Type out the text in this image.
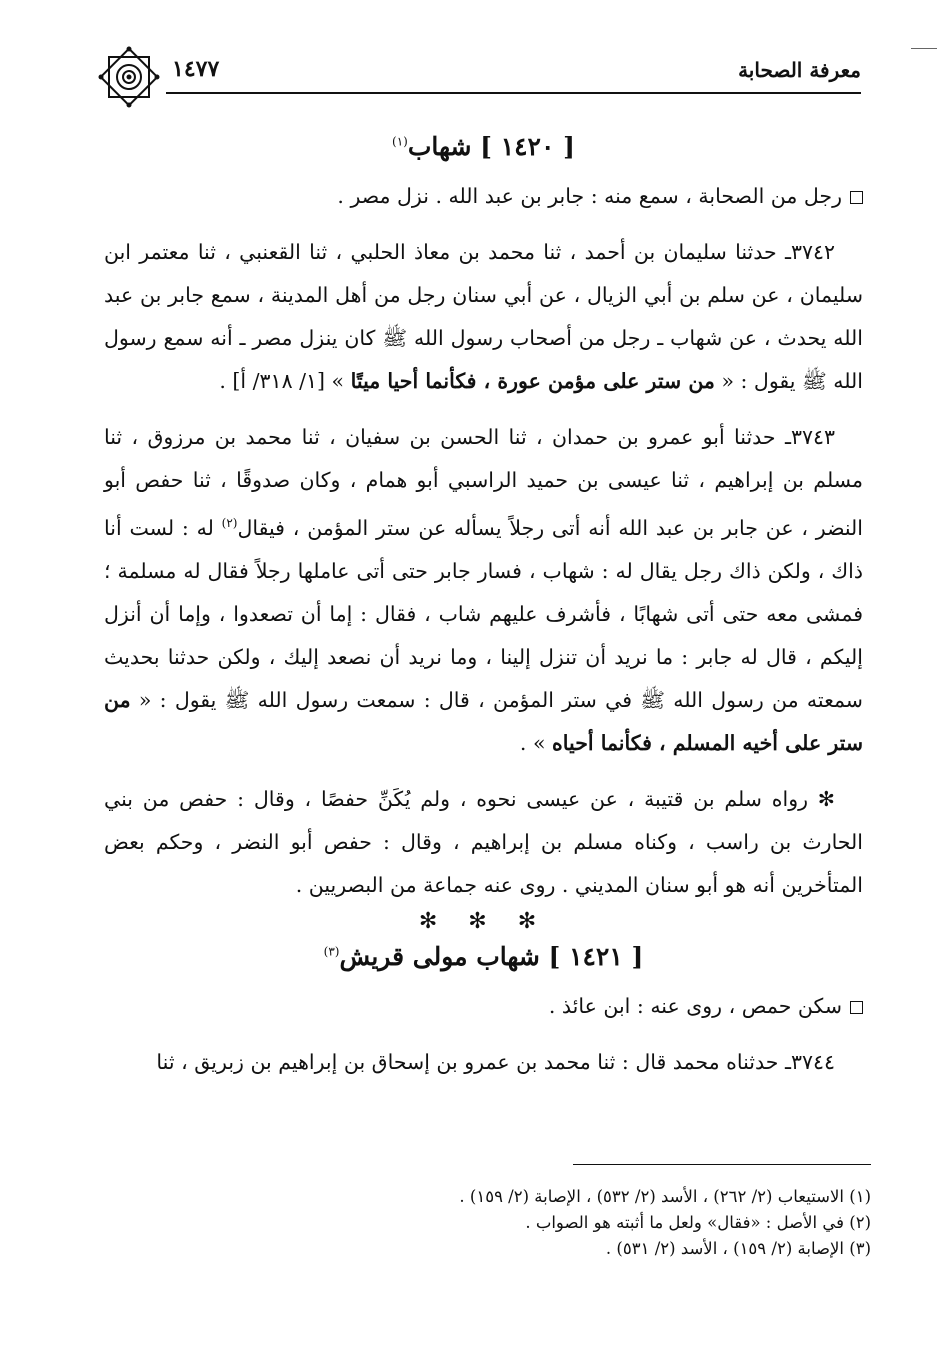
معرفة الصحابة
١٤٧٧
[ ١٤٢٠ ] شهاب$^{(١)}$

رجل من الصحابة ، سمع منه : جابر بن عبد الله . نزل مصر .

٣٧٤٢ـ حدثنا سليمان بن أحمد ، ثنا محمد بن معاذ الحلبي ، ثنا القعنبي ، ثنا معتمر ابن سليمان ، عن سلم بن أبي الزيال ، عن أبي سنان رجل من أهل المدينة ، سمع جابر بن عبد الله يحدث ، عن شهاب ـ رجل من أصحاب رسول الله ﷺ كان ينزل مصر ـ أنه سمع رسول الله ﷺ يقول : « من ستر على مؤمن عورة ، فكأنما أحيا ميتًا » [١/ ٣١٨/ أ] .

٣٧٤٣ـ حدثنا أبو عمرو بن حمدان ، ثنا الحسن بن سفيان ، ثنا محمد بن مرزوق ، ثنا مسلم بن إبراهيم ، ثنا عيسى بن حميد الراسبي أبو همام ، وكان صدوقًا ، ثنا حفص أبو النضر ، عن جابر بن عبد الله أنه أتى رجلاً يسأله عن ستر المؤمن ، فيقال$^{(٢)}$ له : لست أنا ذاك ، ولكن ذاك رجل يقال له : شهاب ، فسار جابر حتى أتى عاملها رجلاً فقال له مسلمة ؛ فمشى معه حتى أتى شهابًا ، فأشرف عليهم شاب ، فقال : إما أن تصعدوا ، وإما أن أنزل إليكم ، قال له جابر : ما نريد أن تنزل إلينا ، وما نريد أن نصعد إليك ، ولكن حدثنا بحديث سمعته من رسول الله ﷺ في ستر المؤمن ، قال : سمعت رسول الله ﷺ يقول : « من ستر على أخيه المسلم ، فكأنما أحياه » .

✻ رواه سلم بن قتيبة ، عن عيسى نحوه ، ولم يُكَنِّ حفصًا ، وقال : حفص من بني الحارث بن راسب ، وكناه مسلم بن إبراهيم ، وقال : حفص أبو النضر ، وحكم بعض المتأخرين أنه هو أبو سنان المديني . روى عنه جماعة من البصريين .

✻ ✻ ✻
[ ١٤٢١ ] شهاب مولى قريش$^{(٣)}$

سكن حمص ، روى عنه : ابن عائذ .

٣٧٤٤ـ حدثناه محمد قال : ثنا محمد بن عمرو بن إسحاق بن إبراهيم بن زبريق ، ثنا

(١) الاستيعاب (٢/ ٢٦٢) ، الأسد (٢/ ٥٣٢) ، الإصابة (٢/ ١٥٩) .

(٢) في الأصل : «فقال» ولعل ما أثبته هو الصواب .

(٣) الإصابة (٢/ ١٥٩) ، الأسد (٢/ ٥٣١) .
